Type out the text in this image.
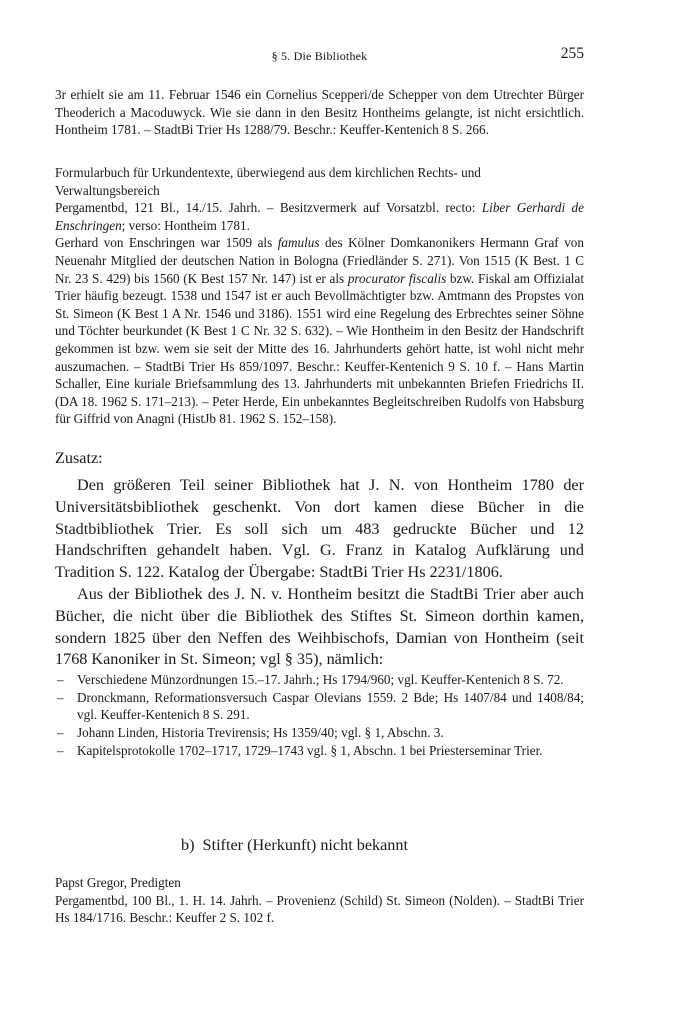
§ 5. Die Bibliothek	255

3r erhielt sie am 11. Februar 1546 ein Cornelius Scepperi/de Schepper von dem Utrechter Bürger Theoderich a Macoduwyck. Wie sie dann in den Besitz Hontheims gelangte, ist nicht ersichtlich. Hontheim 1781. – StadtBi Trier Hs 1288/79. Beschr.: Keuffer-Kentenich 8 S. 266.

Formularbuch für Urkundentexte, überwiegend aus dem kirchlichen Rechts- und Verwaltungsbereich

Pergamentbd, 121 Bl., 14./15. Jahrh. – Besitzvermerk auf Vorsatzbl. recto: Liber Gerhardi de Enschringen; verso: Hontheim 1781.

Gerhard von Enschringen war 1509 als famulus des Kölner Domkanonikers Hermann Graf von Neuenahr Mitglied der deutschen Nation in Bologna (Friedländer S. 271). Von 1515 (K Best. 1 C Nr. 23 S. 429) bis 1560 (K Best 157 Nr. 147) ist er als procurator fiscalis bzw. Fiskal am Offizialat Trier häufig bezeugt. 1538 und 1547 ist er auch Bevollmächtigter bzw. Amtmann des Propstes von St. Simeon (K Best 1 A Nr. 1546 und 3186). 1551 wird eine Regelung des Erbrechtes seiner Söhne und Töchter beurkundet (K Best 1 C Nr. 32 S. 632). – Wie Hontheim in den Besitz der Handschrift gekommen ist bzw. wem sie seit der Mitte des 16. Jahrhunderts gehört hatte, ist wohl nicht mehr auszumachen. – StadtBi Trier Hs 859/1097. Beschr.: Keuffer-Kentenich 9 S. 10 f. – Hans Martin Schaller, Eine kuriale Briefsammlung des 13. Jahrhunderts mit unbekannten Briefen Friedrichs II. (DA 18. 1962 S. 171–213). – Peter Herde, Ein unbekanntes Begleitschreiben Rudolfs von Habsburg für Giffrid von Anagni (HistJb 81. 1962 S. 152–158).

Zusatz:

Den größeren Teil seiner Bibliothek hat J. N. von Hontheim 1780 der Universitätsbibliothek geschenkt. Von dort kamen diese Bücher in die Stadtbibliothek Trier. Es soll sich um 483 gedruckte Bücher und 12 Handschriften gehandelt haben. Vgl. G. Franz in Katalog Aufklärung und Tradition S. 122. Katalog der Übergabe: StadtBi Trier Hs 2231/1806.

Aus der Bibliothek des J. N. v. Hontheim besitzt die StadtBi Trier aber auch Bücher, die nicht über die Bibliothek des Stiftes St. Simeon dorthin kamen, sondern 1825 über den Neffen des Weihbischofs, Damian von Hontheim (seit 1768 Kanoniker in St. Simeon; vgl § 35), nämlich:

– Verschiedene Münzordnungen 15.–17. Jahrh.; Hs 1794/960; vgl. Keuffer-Kentenich 8 S. 72.
– Dronckmann, Reformationsversuch Caspar Olevians 1559. 2 Bde; Hs 1407/84 und 1408/84; vgl. Keuffer-Kentenich 8 S. 291.
– Johann Linden, Historia Trevirensis; Hs 1359/40; vgl. § 1, Abschn. 3.
– Kapitelsprotokolle 1702–1717, 1729–1743 vgl. § 1, Abschn. 1 bei Priesterseminar Trier.

b)  Stifter (Herkunft) nicht bekannt

Papst Gregor, Predigten

Pergamentbd, 100 Bl., 1. H. 14. Jahrh. – Provenienz (Schild) St. Simeon (Nolden). – StadtBi Trier Hs 184/1716. Beschr.: Keuffer 2 S. 102 f.
